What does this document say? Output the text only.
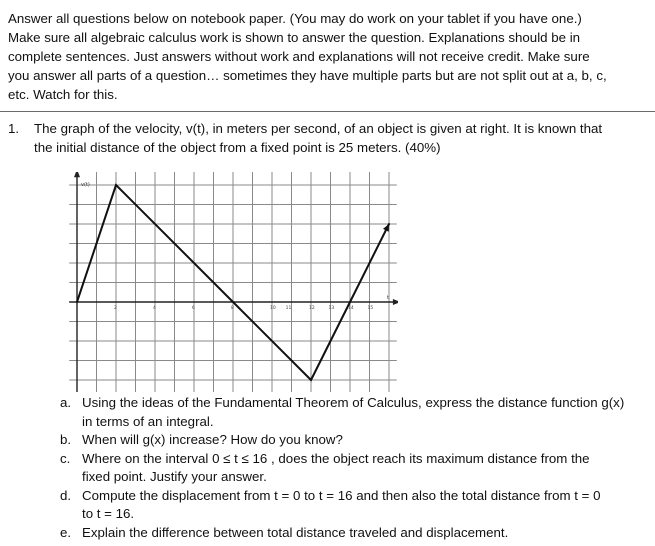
Answer all questions below on notebook paper. (You may do work on your tablet if you have one.)

Make sure all algebraic calculus work is shown to answer the question. Explanations should be in

complete sentences. Just answers without work and explanations will not receive credit. Make sure

you answer all parts of a question… sometimes they have multiple parts but are not split out at a, b, c,

etc. Watch for this.

1. The graph of the velocity, v(t), in meters per second, of an object is given at right. It is known that
the initial distance of the object from a fixed point is 25 meters. (40%)
v(t)
t
2	4	6	8	10 11	12	13	14	15
a. Using the ideas of the Fundamental Theorem of Calculus, express the distance function g(x)
in terms of an integral.
b. When will g(x) increase? How do you know?
c. Where on the interval 0 ≤ t ≤ 16 , does the object reach its maximum distance from the
fixed point. Justify your answer.
d. Compute the displacement from t = 0 to t = 16 and then also the total distance from t = 0
to t = 16.
e. Explain the difference between total distance traveled and displacement.
